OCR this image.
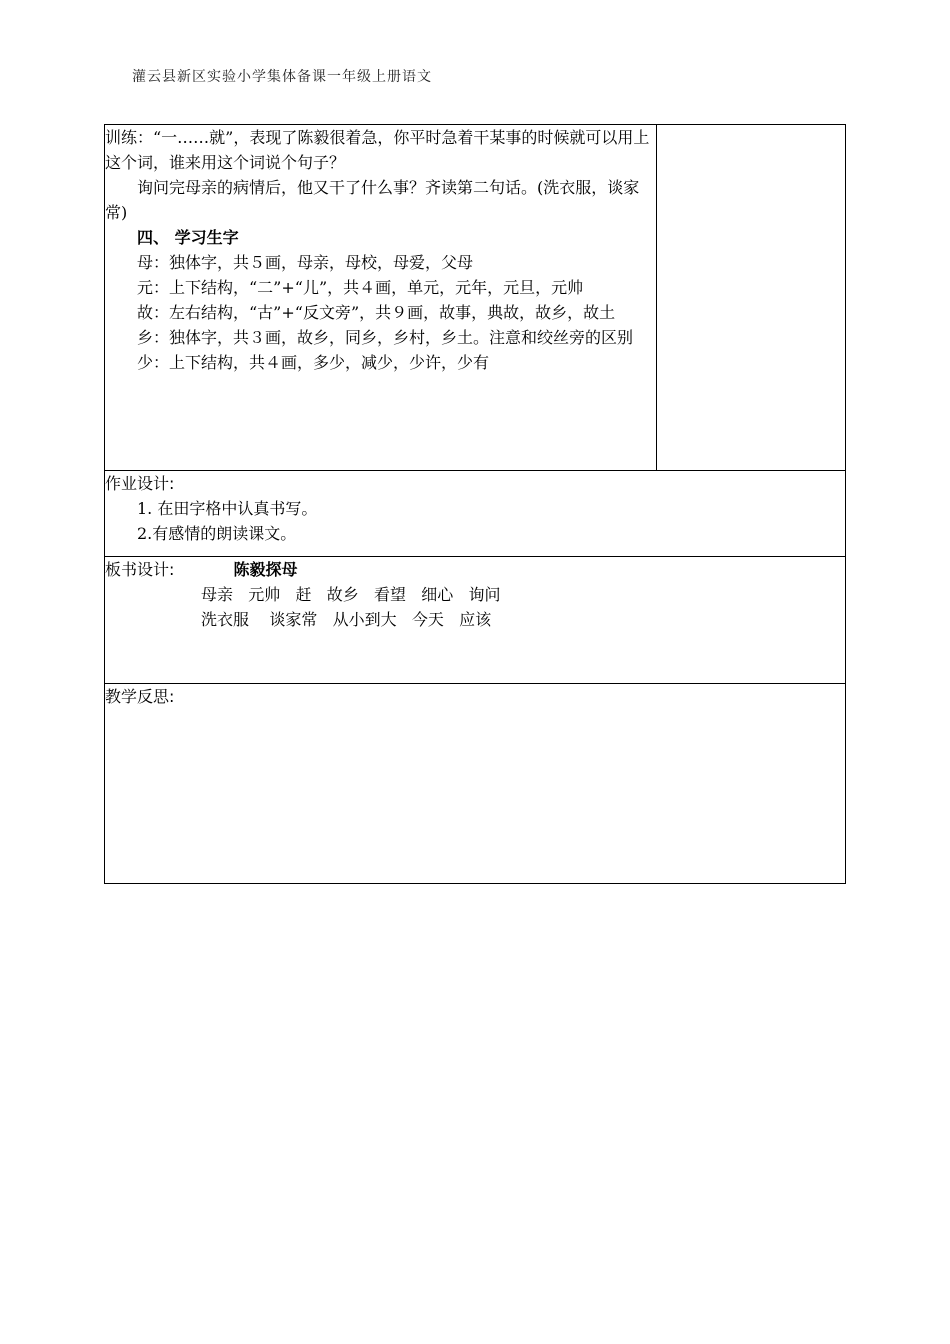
灌云县新区实验小学集体备课一年级上册语文

训练：“一……就”，表现了陈毅很着急，你平时急着干某事的时候就可以用上这个词，谁来用这个词说个句子？

询问完母亲的病情后，他又干了什么事？齐读第二句话。(洗衣服，谈家常)

四、 学习生字

母：独体字，共５画，母亲，母校，母爱，父母

元：上下结构，“二”+“儿”，共４画，单元，元年，元旦，元帅

故：左右结构，“古”+“反文旁”，共９画，故事，典故，故乡，故土

乡：独体字，共３画，故乡，同乡，乡村，乡土。注意和绞丝旁的区别

少：上下结构，共４画，多少，减少，少许，少有

作业设计:

1. 在田字格中认真书写。

2.有感情的朗读课文。

板书设计:	陈毅探母

母亲   元帅   赶   故乡   看望   细心   询问

洗衣服    谈家常   从小到大   今天   应该

教学反思:
